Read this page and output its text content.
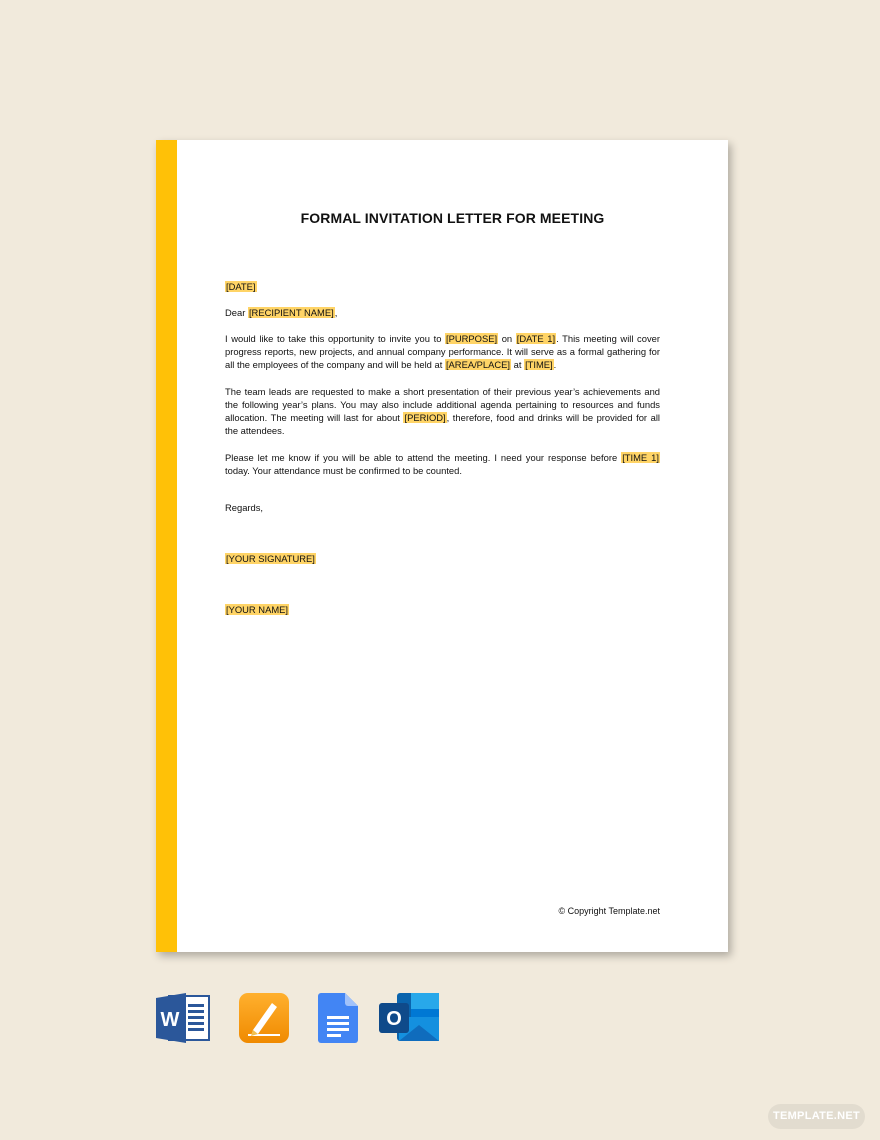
FORMAL INVITATION LETTER FOR MEETING

[DATE]

Dear [RECIPIENT NAME],

I would like to take this opportunity to invite you to [PURPOSE] on [DATE 1]. This meeting will cover progress reports, new projects, and annual company performance. It will serve as a formal gathering for all the employees of the company and will be held at [AREA/PLACE] at [TIME].

The team leads are requested to make a short presentation of their previous year’s achievements and the following year’s plans. You may also include additional agenda pertaining to resources and funds allocation. The meeting will last for about [PERIOD], therefore, food and drinks will be provided for all the attendees.

Please let me know if you will be able to attend the meeting. I need your response before [TIME 1] today. Your attendance must be confirmed to be counted.

Regards,

[YOUR SIGNATURE]

[YOUR NAME]

© Copyright Template.net
W	O
TEMPLATE.NET
